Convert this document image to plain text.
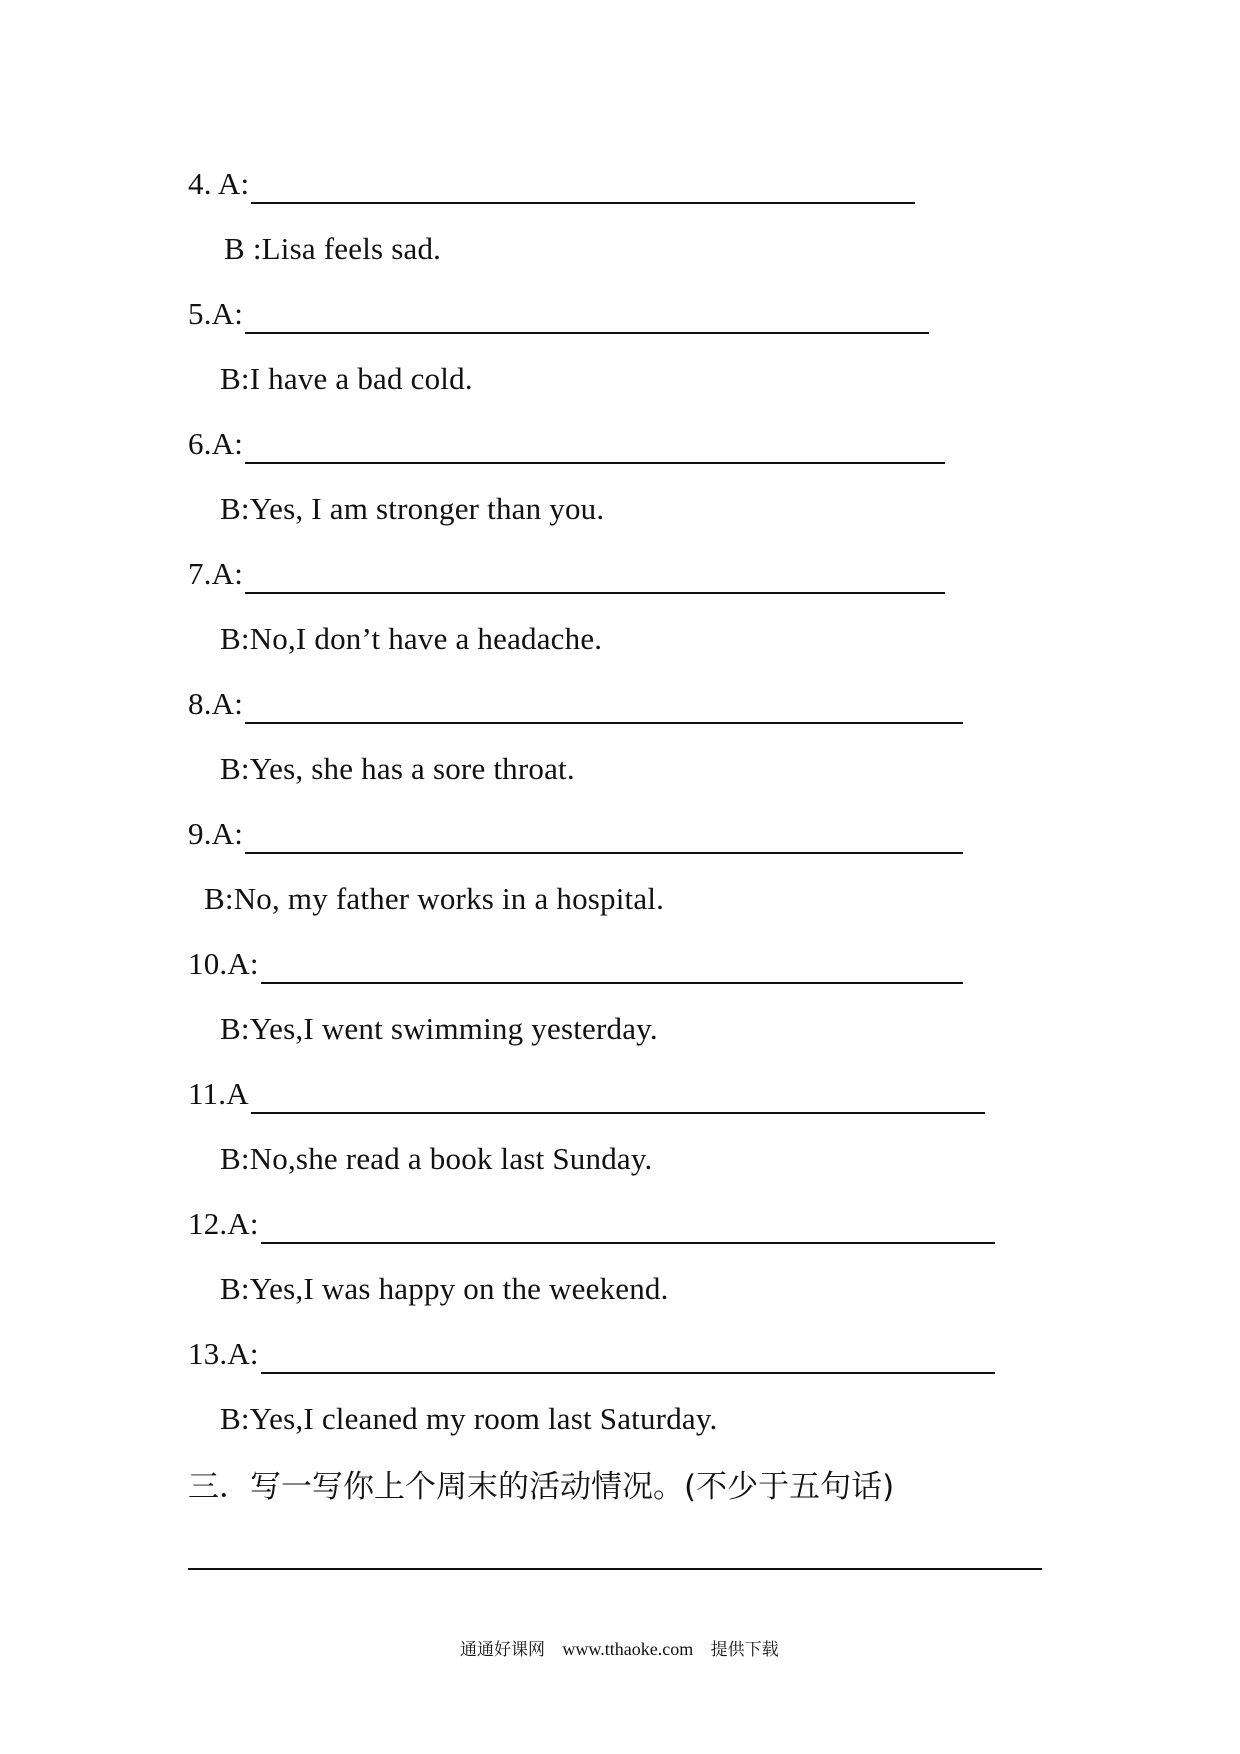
4. A:
B :Lisa feels sad.
5.A:
B:I have a bad cold.
6.A:
B:Yes, I am stronger than you.
7.A:
B:No,I don’t have a headache.
8.A:
B:Yes, she has a sore throat.
9.A:
B:No, my father works in a hospital.
10.A:
B:Yes,I went swimming yesterday.
11.A
B:No,she read a book last Sunday.
12.A:
B:Yes,I was happy on the weekend.
13.A:
B:Yes,I cleaned my room last Saturday.
三．写一写你上个周末的活动情况。(不少于五句话)
通通好课网 www.tthaoke.com 提供下载
